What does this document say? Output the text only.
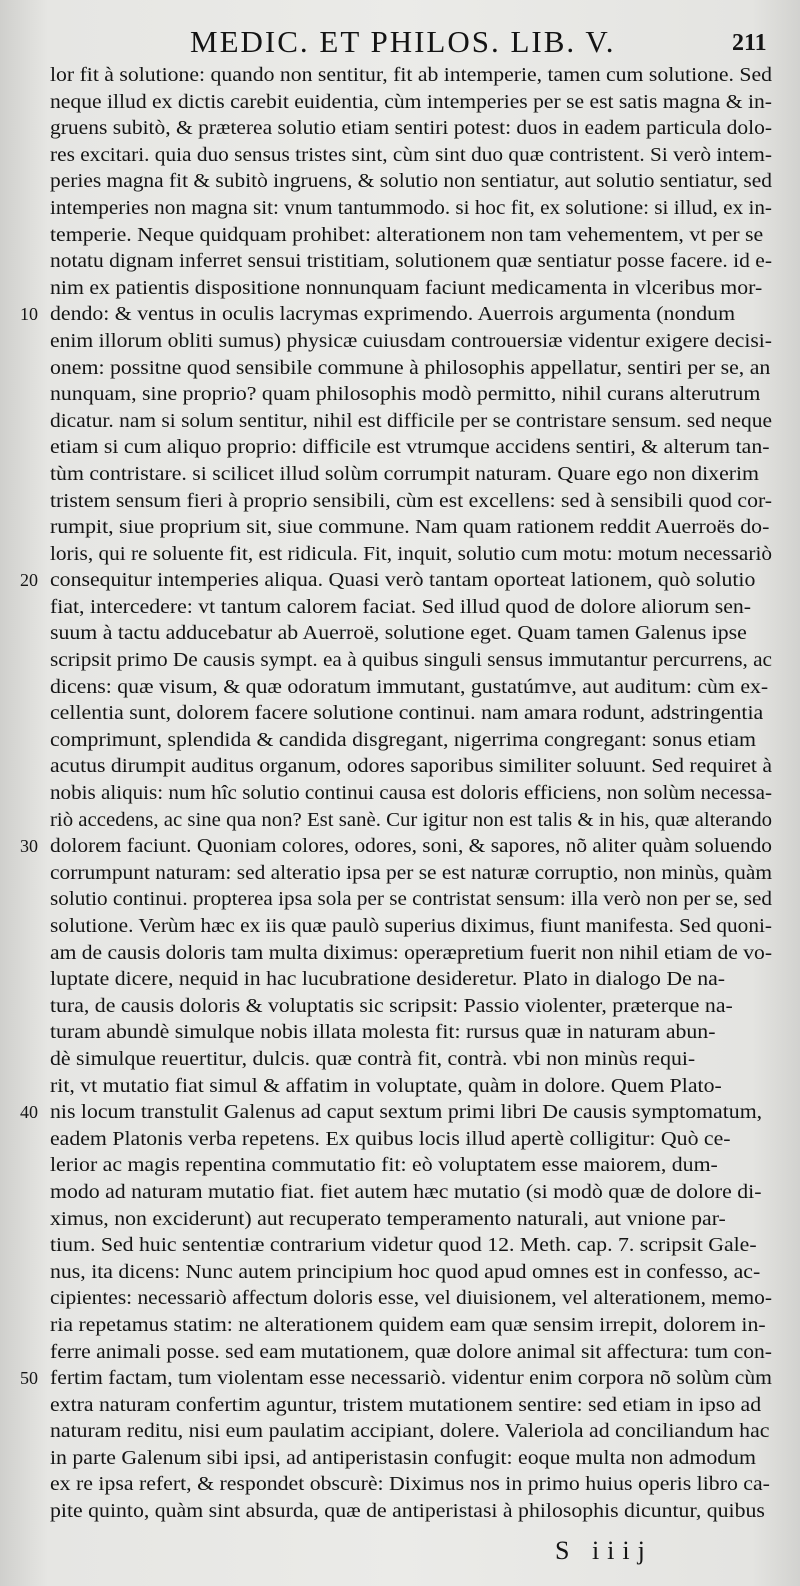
MEDIC. ET PHILOS. LIB. V.	211
lor fit à solutione: quando non sentitur, fit ab intemperie, tamen cum solutione. Sed
neque illud ex dictis carebit euidentia, cùm intemperies per se est satis magna & in-
gruens subitò, & præterea solutio etiam sentiri potest: duos in eadem particula dolo-
res excitari. quia duo sensus tristes sint, cùm sint duo quæ contristent. Si verò intem-
peries magna fit & subitò ingruens, & solutio non sentiatur, aut solutio sentiatur, sed
intemperies non magna sit: vnum tantummodo. si hoc fit, ex solutione: si illud, ex in-
temperie. Neque quidquam prohibet: alterationem non tam vehementem, vt per se
notatu dignam inferret sensui tristitiam, solutionem quæ sentiatur posse facere. id e-
nim ex patientis dispositione nonnunquam faciunt medicamenta in vlceribus mor-
10 dendo: & ventus in oculis lacrymas exprimendo. Auerrois argumenta (nondum
enim illorum obliti sumus) physicæ cuiusdam controuersiæ videntur exigere decisi-
onem: possitne quod sensibile commune à philosophis appellatur, sentiri per se, an
nunquam, sine proprio? quam philosophis modò permitto, nihil curans alterutrum
dicatur. nam si solum sentitur, nihil est difficile per se contristare sensum. sed neque
etiam si cum aliquo proprio: difficile est vtrumque accidens sentiri, & alterum tan-
tùm contristare. si scilicet illud solùm corrumpit naturam. Quare ego non dixerim
tristem sensum fieri à proprio sensibili, cùm est excellens: sed à sensibili quod cor-
rumpit, siue proprium sit, siue commune. Nam quam rationem reddit Auerroës do-
loris, qui re soluente fit, est ridicula. Fit, inquit, solutio cum motu: motum necessariò
20 consequitur intemperies aliqua. Quasi verò tantam oporteat lationem, quò solutio
fiat, intercedere: vt tantum calorem faciat. Sed illud quod de dolore aliorum sen-
suum à tactu adducebatur ab Auerroë, solutione eget. Quam tamen Galenus ipse
scripsit primo De causis sympt. ea à quibus singuli sensus immutantur percurrens, ac
dicens: quæ visum, & quæ odoratum immutant, gustatúmve, aut auditum: cùm ex-
cellentia sunt, dolorem facere solutione continui. nam amara rodunt, adstringentia
comprimunt, splendida & candida disgregant, nigerrima congregant: sonus etiam
acutus dirumpit auditus organum, odores saporibus similiter soluunt. Sed requiret à
nobis aliquis: num hîc solutio continui causa est doloris efficiens, non solùm necessa-
riò accedens, ac sine qua non? Est sanè. Cur igitur non est talis & in his, quæ alterando
30 dolorem faciunt. Quoniam colores, odores, soni, & sapores, nõ aliter quàm soluendo
corrumpunt naturam: sed alteratio ipsa per se est naturæ corruptio, non minùs, quàm
solutio continui. propterea ipsa sola per se contristat sensum: illa verò non per se, sed
solutione. Verùm hæc ex iis quæ paulò superius diximus, fiunt manifesta. Sed quoni-
am de causis doloris tam multa diximus: operæpretium fuerit non nihil etiam de vo-
luptate dicere, nequid in hac lucubratione desideretur. Plato in dialogo De na-
tura, de causis doloris & voluptatis sic scripsit: Passio violenter, præterque na-
turam abundè simulque nobis illata molesta fit: rursus quæ in naturam abun-
dè simulque reuertitur, dulcis. quæ contrà fit, contrà. vbi non minùs requi-
rit, vt mutatio fiat simul & affatim in voluptate, quàm in dolore. Quem Plato-
40 nis locum transtulit Galenus ad caput sextum primi libri De causis symptomatum,
eadem Platonis verba repetens. Ex quibus locis illud apertè colligitur: Quò ce-
lerior ac magis repentina commutatio fit: eò voluptatem esse maiorem, dum-
modo ad naturam mutatio fiat. fiet autem hæc mutatio (si modò quæ de dolore di-
ximus, non exciderunt) aut recuperato temperamento naturali, aut vnione par-
tium. Sed huic sententiæ contrarium videtur quod 12. Meth. cap. 7. scripsit Gale-
nus, ita dicens: Nunc autem principium hoc quod apud omnes est in confesso, ac-
cipientes: necessariò affectum doloris esse, vel diuisionem, vel alterationem, memo-
ria repetamus statim: ne alterationem quidem eam quæ sensim irrepit, dolorem in-
ferre animali posse. sed eam mutationem, quæ dolore animal sit affectura: tum con-
50 fertim factam, tum violentam esse necessariò. videntur enim corpora nõ solùm cùm
extra naturam confertim aguntur, tristem mutationem sentire: sed etiam in ipso ad
naturam reditu, nisi eum paulatim accipiant, dolere. Valeriola ad conciliandum hac
in parte Galenum sibi ipsi, ad antiperistasin confugit: eoque multa non admodum
ex re ipsa refert, & respondet obscurè: Diximus nos in primo huius operis libro ca-
pite quinto, quàm sint absurda, quæ de antiperistasi à philosophis dicuntur, quibus
S iiij
